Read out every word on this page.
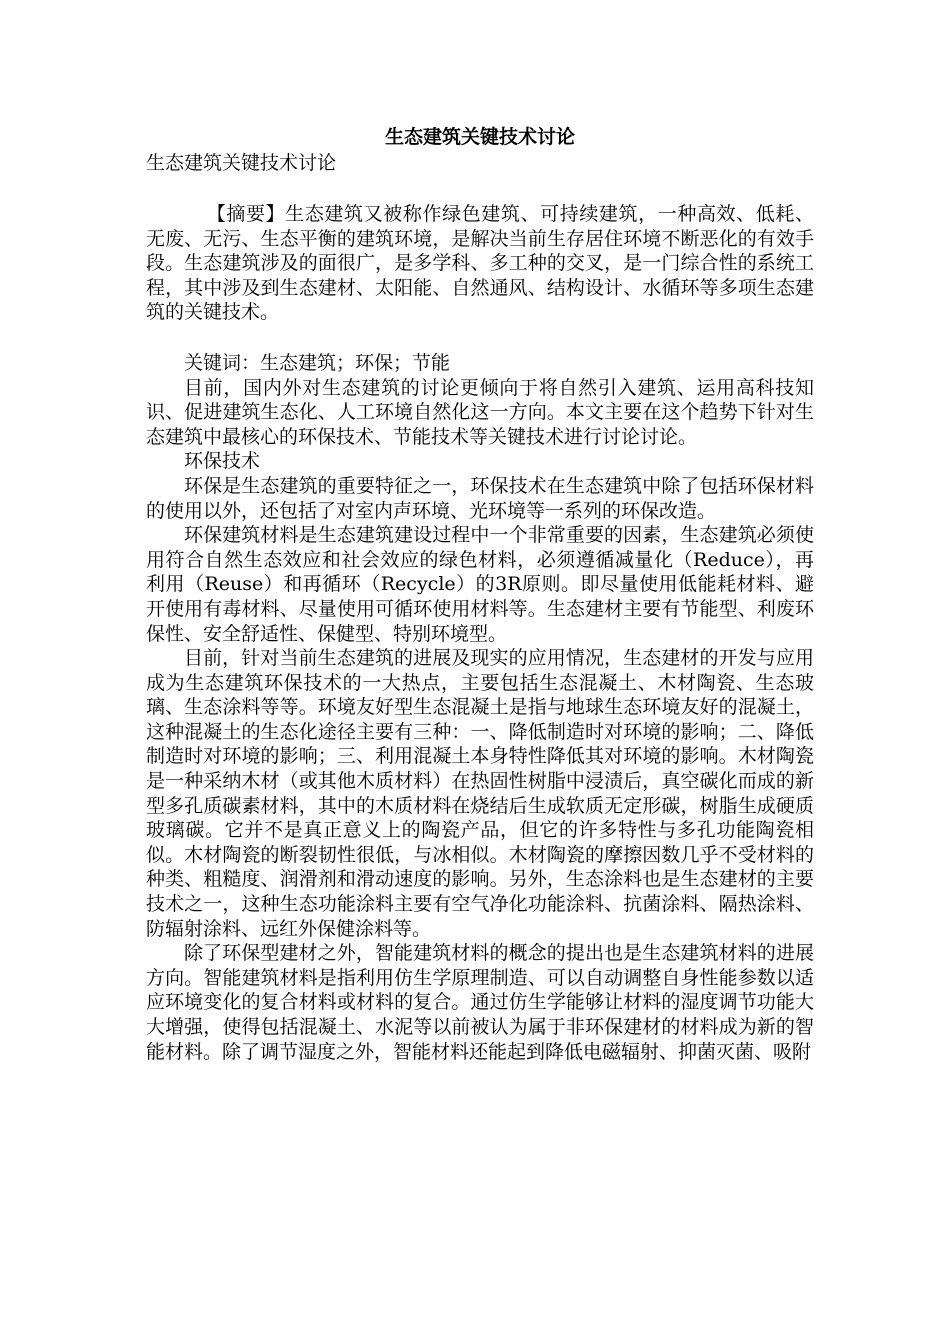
生态建筑关键技术讨论

生态建筑关键技术讨论

【摘要】生态建筑又被称作绿色建筑、可持续建筑，一种高效、低耗、无废、无污、生态平衡的建筑环境，是解决当前生存居住环境不断恶化的有效手段。生态建筑涉及的面很广，是多学科、多工种的交叉，是一门综合性的系统工程，其中涉及到生态建材、太阳能、自然通风、结构设计、水循环等多项生态建筑的关键技术。

关键词：生态建筑；环保；节能

目前，国内外对生态建筑的讨论更倾向于将自然引入建筑、运用高科技知识、促进建筑生态化、人工环境自然化这一方向。本文主要在这个趋势下针对生态建筑中最核心的环保技术、节能技术等关键技术进行讨论讨论。

环保技术

环保是生态建筑的重要特征之一，环保技术在生态建筑中除了包括环保材料的使用以外，还包括了对室内声环境、光环境等一系列的环保改造。

环保建筑材料是生态建筑建设过程中一个非常重要的因素，生态建筑必须使用符合自然生态效应和社会效应的绿色材料，必须遵循减量化（Reduce），再利用（Reuse）和再循环（Recycle）的3R原则。即尽量使用低能耗材料、避开使用有毒材料、尽量使用可循环使用材料等。生态建材主要有节能型、利废环保性、安全舒适性、保健型、特别环境型。

目前，针对当前生态建筑的进展及现实的应用情况，生态建材的开发与应用成为生态建筑环保技术的一大热点，主要包括生态混凝土、木材陶瓷、生态玻璃、生态涂料等等。环境友好型生态混凝土是指与地球生态环境友好的混凝土，这种混凝土的生态化途径主要有三种：一、降低制造时对环境的影响；二、降低制造时对环境的影响；三、利用混凝土本身特性降低其对环境的影响。木材陶瓷是一种采纳木材（或其他木质材料）在热固性树脂中浸渍后，真空碳化而成的新型多孔质碳素材料，其中的木质材料在烧结后生成软质无定形碳，树脂生成硬质玻璃碳。它并不是真正意义上的陶瓷产品，但它的许多特性与多孔功能陶瓷相似。木材陶瓷的断裂韧性很低，与冰相似。木材陶瓷的摩擦因数几乎不受材料的种类、粗糙度、润滑剂和滑动速度的影响。另外，生态涂料也是生态建材的主要技术之一，这种生态功能涂料主要有空气净化功能涂料、抗菌涂料、隔热涂料、防辐射涂料、远红外保健涂料等。

除了环保型建材之外，智能建筑材料的概念的提出也是生态建筑材料的进展方向。智能建筑材料是指利用仿生学原理制造、可以自动调整自身性能参数以适应环境变化的复合材料或材料的复合。通过仿生学能够让材料的湿度调节功能大大增强，使得包括混凝土、水泥等以前被认为属于非环保建材的材料成为新的智能材料。除了调节湿度之外，智能材料还能起到降低电磁辐射、抑菌灭菌、吸附
